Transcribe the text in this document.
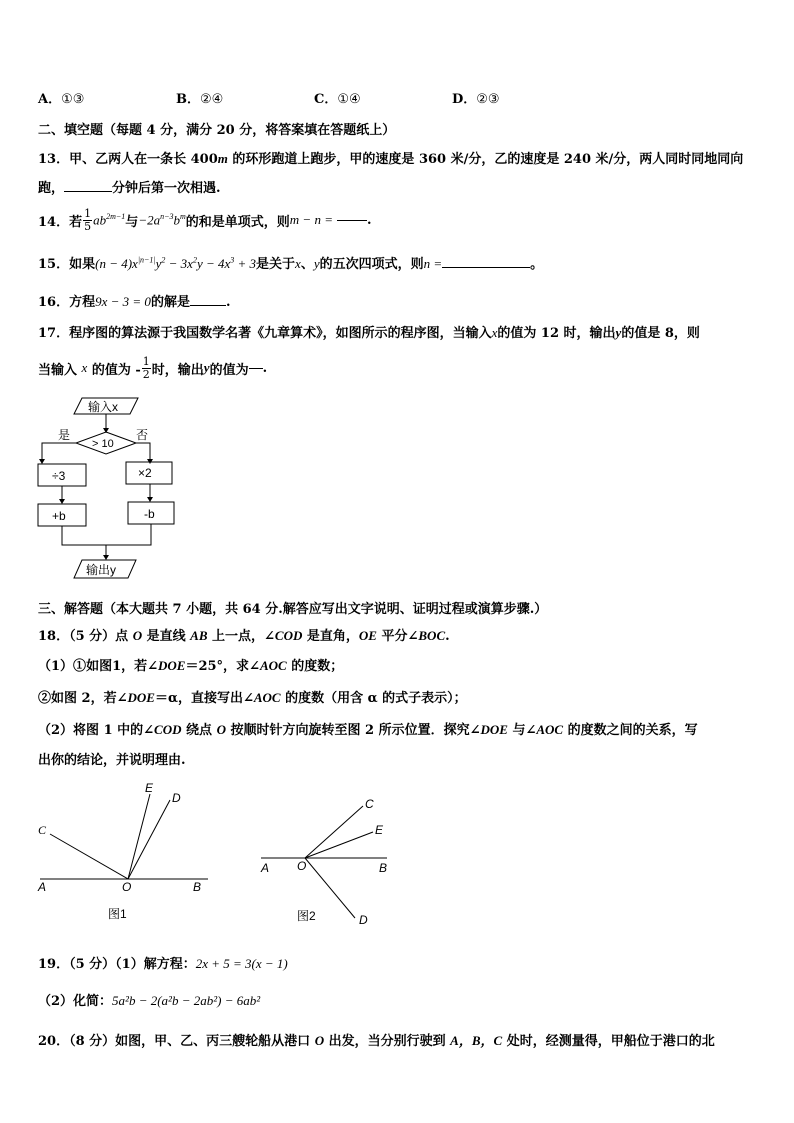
A．①③	B．②④	C．①④	D．②③
二、填空题（每题 4 分，满分 20 分，将答案填在答题纸上）
13．甲、乙两人在一条长 400m 的环形跑道上跑步，甲的速度是 360 米/分，乙的速度是 240 米/分，两人同时同地同向
跑，	分钟后第一次相遇.
14． 若 $\frac{1}{5} ab^{2m-1}$ 与 $-2a^{n-3}b^m$ 的和是单项式，则 m − n =	.
15．如果$(n - 4)x^{|n-1|}y^2 - 3x^2y - 4x^3 + 3$是关于x、y的五次四项式，则n =	。
16．方程9x − 3 = 0的解是	.
17．程序图的算法源于我国数学名著《九章算术》，如图所示的程序图，当输入x的值为 12 时，输出y的值是 8，则
当输入
x
的值为 - $\frac{1}{2}$ 时，输出 y 的值为 .
输入x
> 10
是	否
÷3
+b
×2
-b
输出y
三、解答题（本大题共 7 小题，共 64 分.解答应写出文字说明、证明过程或演算步骤.）
18．（5 分）点 O 是直线 AB 上一点，∠COD 是直角，OE 平分∠BOC.
（1）①如图1，若∠DOE＝25°，求∠AOC 的度数；
②如图 2，若∠DOE＝α，直接写出∠AOC 的度数（用含 α 的式子表示）；
（2）将图 1 中的∠COD 绕点 O 按顺时针方向旋转至图 2 所示位置．探究∠DOE 与∠AOC 的度数之间的关系，写
出你的结论，并说明理由.
C
E
D
A	O	B
图1
C
E
A O	B
D
图2
19．（5 分）（1）解方程：2x + 5 = 3(x − 1)
（2）化简：5a²b − 2(a²b − 2ab²) − 6ab²
20．（8 分）如图，甲、乙、丙三艘轮船从港口 O 出发，当分别行驶到 A，B，C 处时，经测量得，甲船位于港口的北
